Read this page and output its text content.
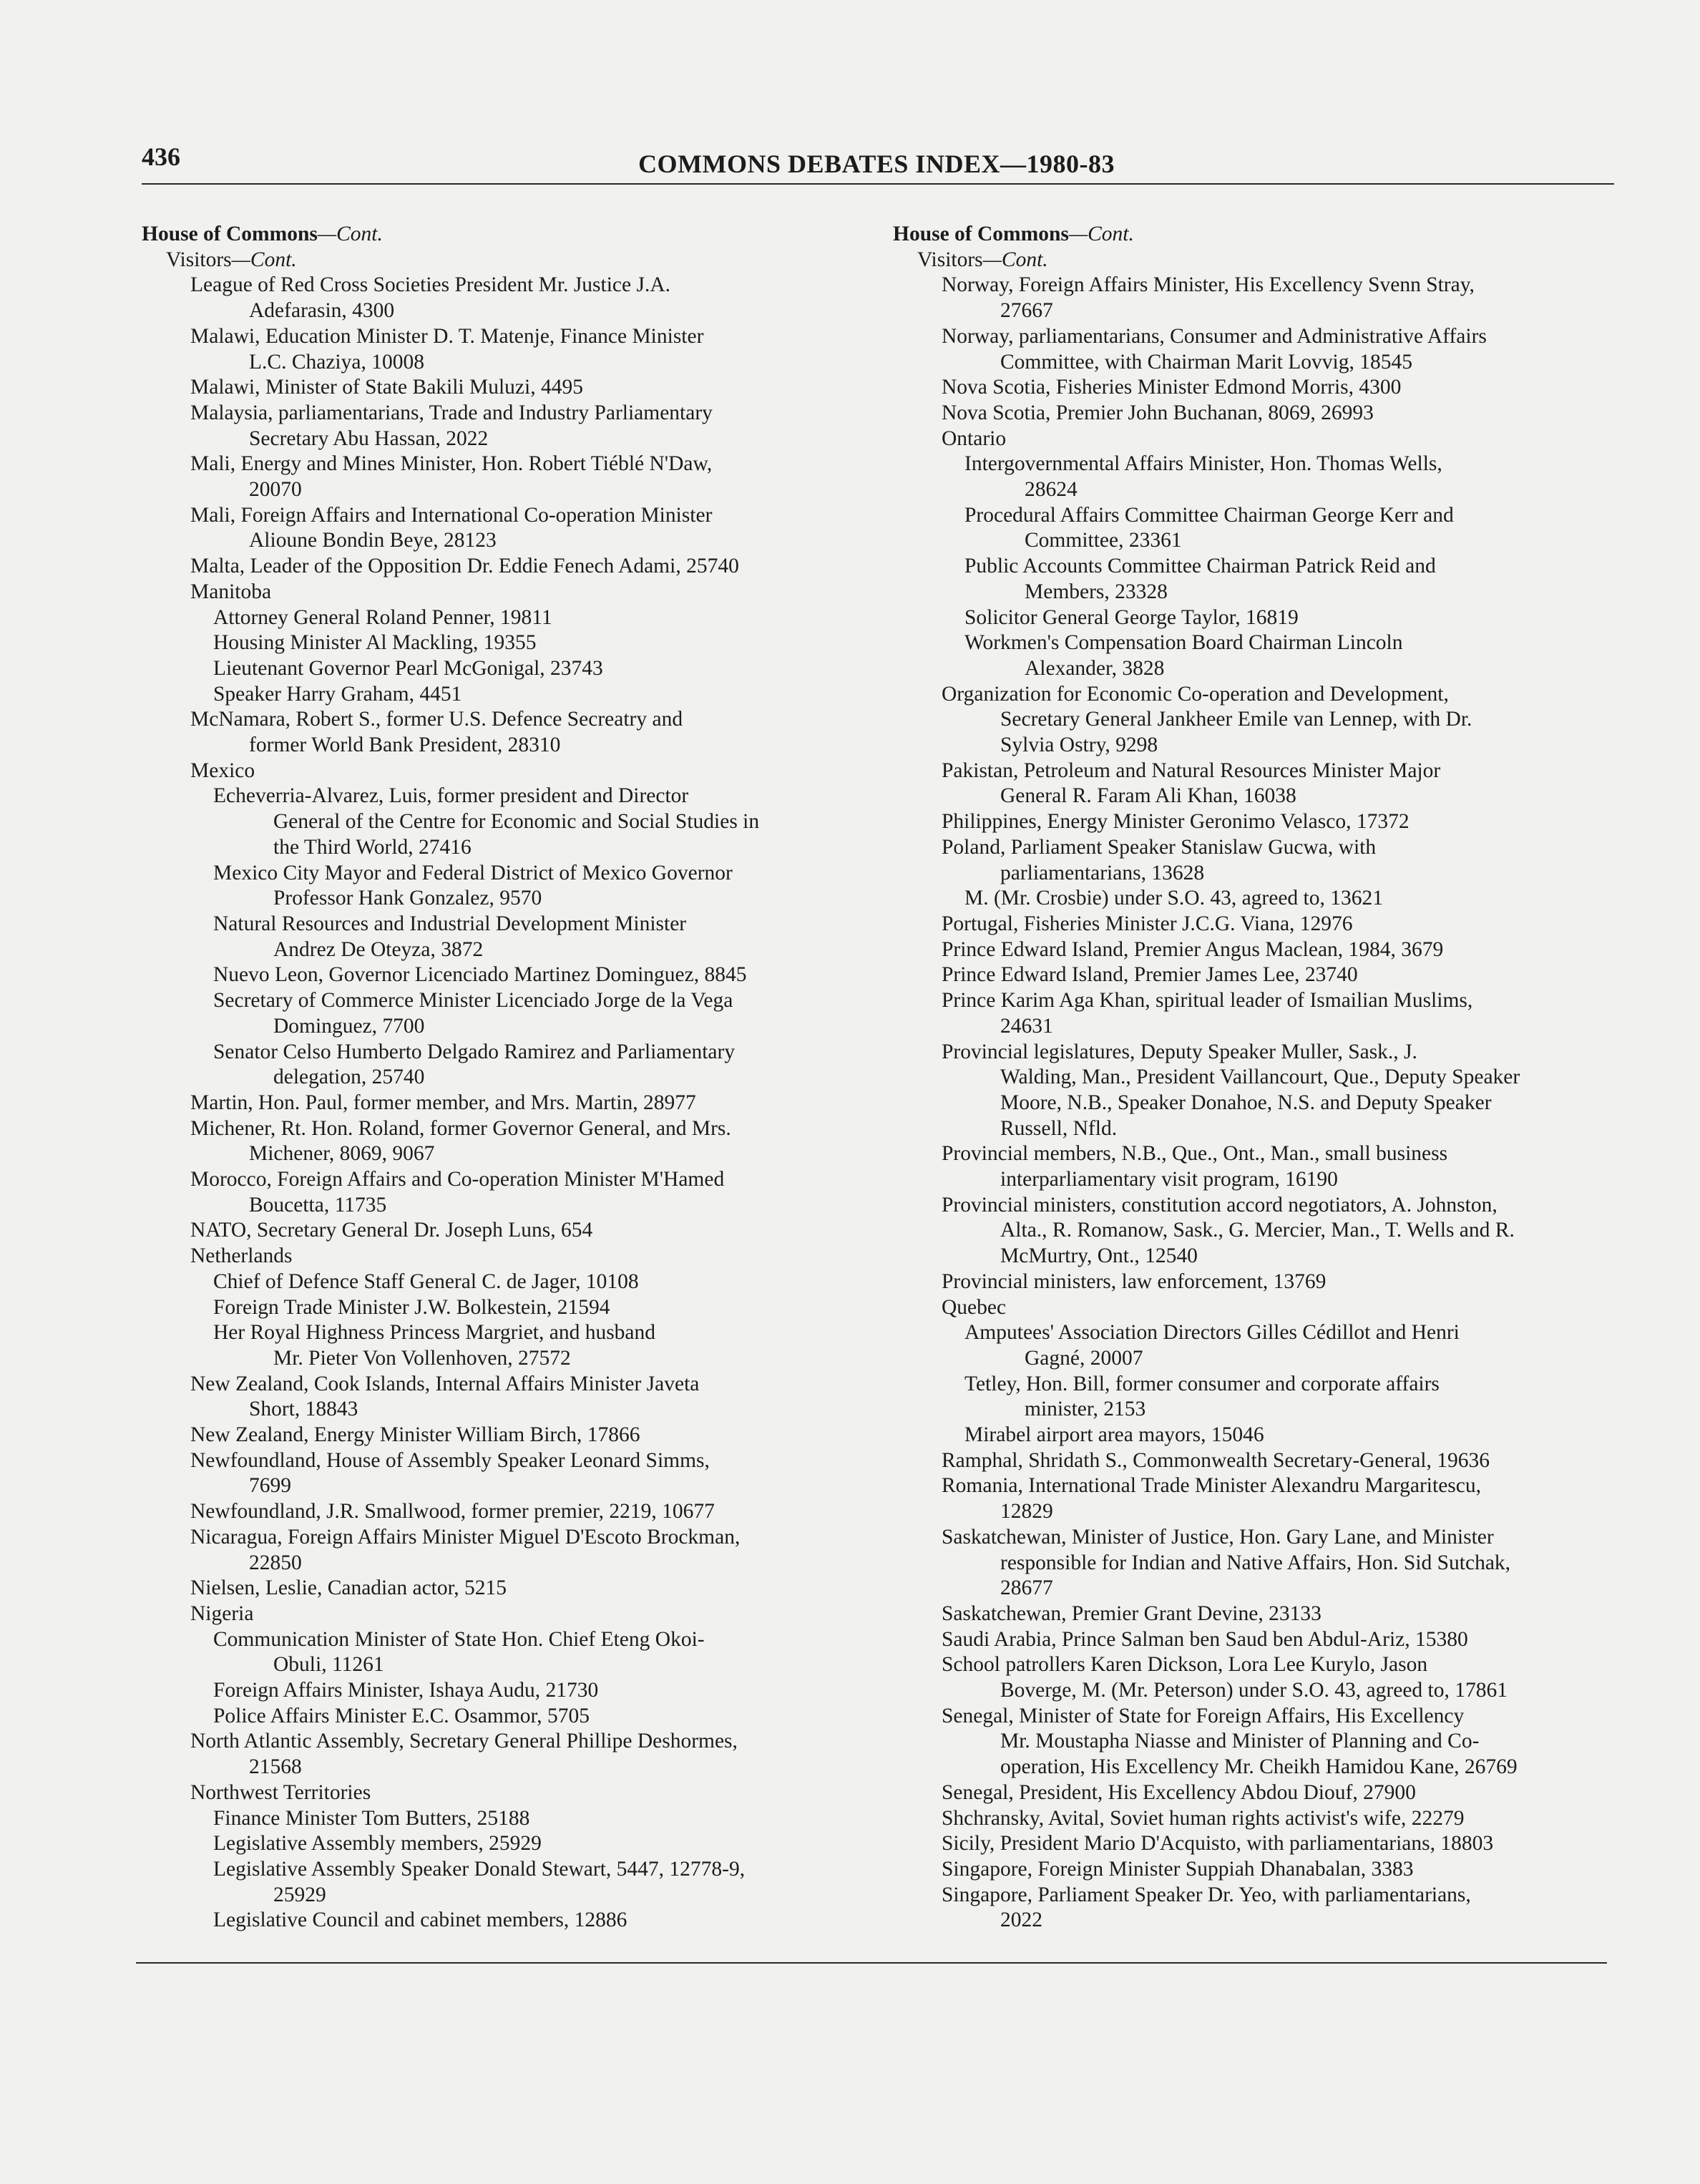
436	COMMONS DEBATES INDEX—1980-83
House of Commons—Cont.
Visitors—Cont.
League of Red Cross Societies President Mr. Justice J.A.
Adefarasin, 4300
Malawi, Education Minister D. T. Matenje, Finance Minister
L.C. Chaziya, 10008
Malawi, Minister of State Bakili Muluzi, 4495
Malaysia, parliamentarians, Trade and Industry Parliamentary
Secretary Abu Hassan, 2022
Mali, Energy and Mines Minister, Hon. Robert Tiéblé N'Daw,
20070
Mali, Foreign Affairs and International Co-operation Minister
Alioune Bondin Beye, 28123
Malta, Leader of the Opposition Dr. Eddie Fenech Adami, 25740
Manitoba
Attorney General Roland Penner, 19811
Housing Minister Al Mackling, 19355
Lieutenant Governor Pearl McGonigal, 23743
Speaker Harry Graham, 4451
McNamara, Robert S., former U.S. Defence Secreatry and
former World Bank President, 28310
Mexico
Echeverria-Alvarez, Luis, former president and Director
General of the Centre for Economic and Social Studies in
the Third World, 27416
Mexico City Mayor and Federal District of Mexico Governor
Professor Hank Gonzalez, 9570
Natural Resources and Industrial Development Minister
Andrez De Oteyza, 3872
Nuevo Leon, Governor Licenciado Martinez Dominguez, 8845
Secretary of Commerce Minister Licenciado Jorge de la Vega
Dominguez, 7700
Senator Celso Humberto Delgado Ramirez and Parliamentary
delegation, 25740
Martin, Hon. Paul, former member, and Mrs. Martin, 28977
Michener, Rt. Hon. Roland, former Governor General, and Mrs.
Michener, 8069, 9067
Morocco, Foreign Affairs and Co-operation Minister M'Hamed
Boucetta, 11735
NATO, Secretary General Dr. Joseph Luns, 654
Netherlands
Chief of Defence Staff General C. de Jager, 10108
Foreign Trade Minister J.W. Bolkestein, 21594
Her Royal Highness Princess Margriet, and husband
Mr. Pieter Von Vollenhoven, 27572
New Zealand, Cook Islands, Internal Affairs Minister Javeta
Short, 18843
New Zealand, Energy Minister William Birch, 17866
Newfoundland, House of Assembly Speaker Leonard Simms,
7699
Newfoundland, J.R. Smallwood, former premier, 2219, 10677
Nicaragua, Foreign Affairs Minister Miguel D'Escoto Brockman,
22850
Nielsen, Leslie, Canadian actor, 5215
Nigeria
Communication Minister of State Hon. Chief Eteng Okoi-
Obuli, 11261
Foreign Affairs Minister, Ishaya Audu, 21730
Police Affairs Minister E.C. Osammor, 5705
North Atlantic Assembly, Secretary General Phillipe Deshormes,
21568
Northwest Territories
Finance Minister Tom Butters, 25188
Legislative Assembly members, 25929
Legislative Assembly Speaker Donald Stewart, 5447, 12778-9,
25929
Legislative Council and cabinet members, 12886
House of Commons—Cont.
Visitors—Cont.
Norway, Foreign Affairs Minister, His Excellency Svenn Stray,
27667
Norway, parliamentarians, Consumer and Administrative Affairs
Committee, with Chairman Marit Lovvig, 18545
Nova Scotia, Fisheries Minister Edmond Morris, 4300
Nova Scotia, Premier John Buchanan, 8069, 26993
Ontario
Intergovernmental Affairs Minister, Hon. Thomas Wells,
28624
Procedural Affairs Committee Chairman George Kerr and
Committee, 23361
Public Accounts Committee Chairman Patrick Reid and
Members, 23328
Solicitor General George Taylor, 16819
Workmen's Compensation Board Chairman Lincoln
Alexander, 3828
Organization for Economic Co-operation and Development,
Secretary General Jankheer Emile van Lennep, with Dr.
Sylvia Ostry, 9298
Pakistan, Petroleum and Natural Resources Minister Major
General R. Faram Ali Khan, 16038
Philippines, Energy Minister Geronimo Velasco, 17372
Poland, Parliament Speaker Stanislaw Gucwa, with
parliamentarians, 13628
M. (Mr. Crosbie) under S.O. 43, agreed to, 13621
Portugal, Fisheries Minister J.C.G. Viana, 12976
Prince Edward Island, Premier Angus Maclean, 1984, 3679
Prince Edward Island, Premier James Lee, 23740
Prince Karim Aga Khan, spiritual leader of Ismailian Muslims,
24631
Provincial legislatures, Deputy Speaker Muller, Sask., J.
Walding, Man., President Vaillancourt, Que., Deputy Speaker
Moore, N.B., Speaker Donahoe, N.S. and Deputy Speaker
Russell, Nfld.
Provincial members, N.B., Que., Ont., Man., small business
interparliamentary visit program, 16190
Provincial ministers, constitution accord negotiators, A. Johnston,
Alta., R. Romanow, Sask., G. Mercier, Man., T. Wells and R.
McMurtry, Ont., 12540
Provincial ministers, law enforcement, 13769
Quebec
Amputees' Association Directors Gilles Cédillot and Henri
Gagné, 20007
Tetley, Hon. Bill, former consumer and corporate affairs
minister, 2153
Mirabel airport area mayors, 15046
Ramphal, Shridath S., Commonwealth Secretary-General, 19636
Romania, International Trade Minister Alexandru Margaritescu,
12829
Saskatchewan, Minister of Justice, Hon. Gary Lane, and Minister
responsible for Indian and Native Affairs, Hon. Sid Sutchak,
28677
Saskatchewan, Premier Grant Devine, 23133
Saudi Arabia, Prince Salman ben Saud ben Abdul-Ariz, 15380
School patrollers Karen Dickson, Lora Lee Kurylo, Jason
Boverge, M. (Mr. Peterson) under S.O. 43, agreed to, 17861
Senegal, Minister of State for Foreign Affairs, His Excellency
Mr. Moustapha Niasse and Minister of Planning and Co-
operation, His Excellency Mr. Cheikh Hamidou Kane, 26769
Senegal, President, His Excellency Abdou Diouf, 27900
Shchransky, Avital, Soviet human rights activist's wife, 22279
Sicily, President Mario D'Acquisto, with parliamentarians, 18803
Singapore, Foreign Minister Suppiah Dhanabalan, 3383
Singapore, Parliament Speaker Dr. Yeo, with parliamentarians,
2022
